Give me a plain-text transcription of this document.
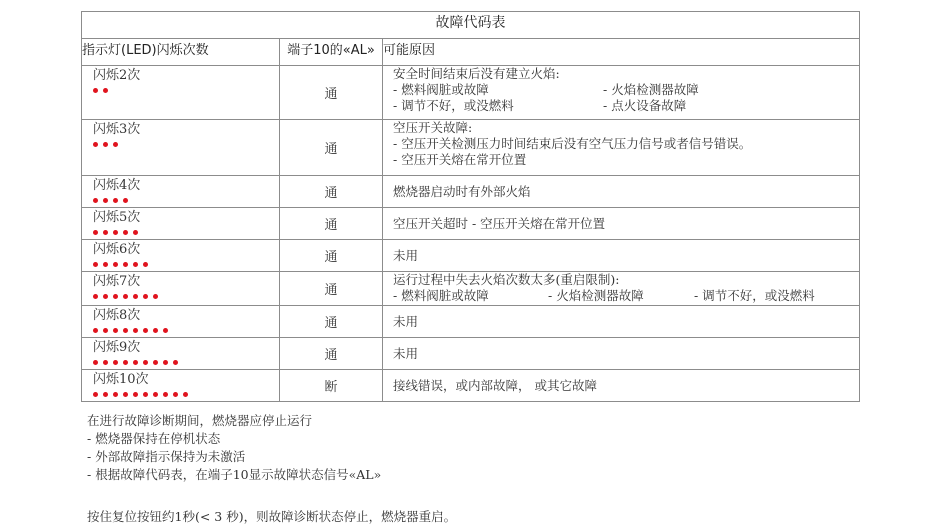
故障代码表		
指示灯(LED)闪烁次数	端子10的«AL»	可能原因

闪烁2次	通	安全时间结束后没有建立火焰:
- 燃料阀脏或故障 - 火焰检测器故障
- 调节不好，或没燃料 - 点火设备故障

闪烁3次	通	空压开关故障:
- 空压开关检测压力时间结束后没有空气压力信号或者信号错误。
- 空压开关熔在常开位置

闪烁4次	通	燃烧器启动时有外部火焰

闪烁5次	通	空压开关超时 - 空压开关熔在常开位置

闪烁6次	通	未用

闪烁7次	通	运行过程中失去火焰次数太多(重启限制):
- 燃料阀脏或故障 - 火焰检测器故障 - 调节不好，或没燃料

闪烁8次	通	未用

闪烁9次	通	未用

闪烁10次	断	接线错误，或内部故障， 或其它故障
在进行故障诊断期间，燃烧器应停止运行
- 燃烧器保持在停机状态
- 外部故障指示保持为未激活
- 根据故障代码表，在端子10显示故障状态信号«AL»
按住复位按钮约1秒(< 3 秒)，则故障诊断状态停止，燃烧器重启。
